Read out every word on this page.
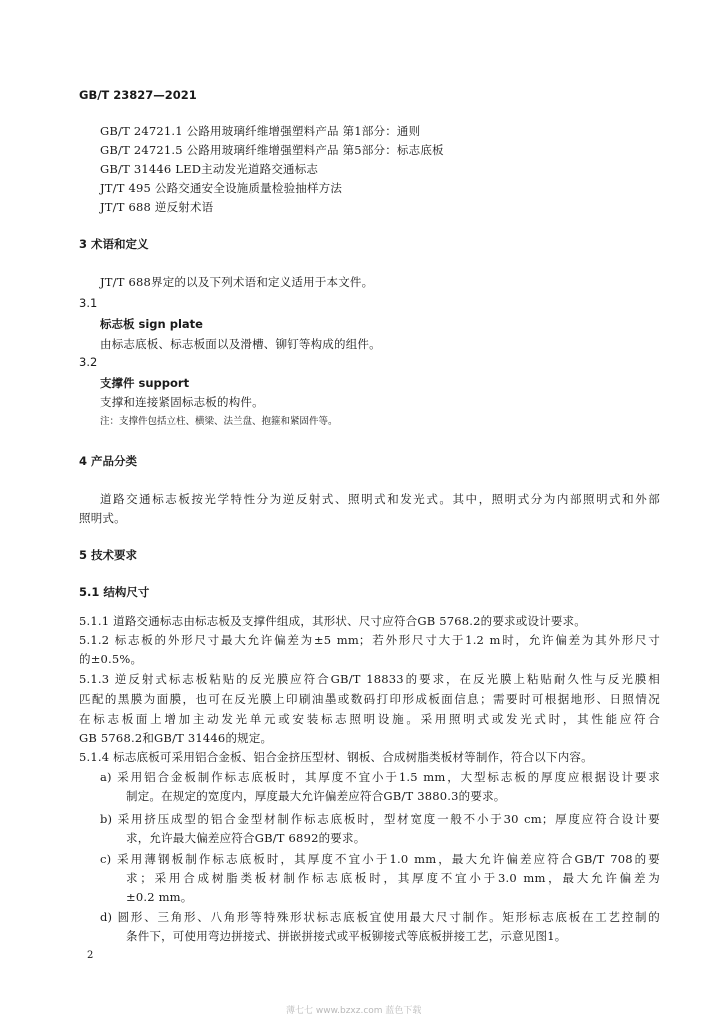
GB/T 23827—2021
GB/T 24721.1 公路用玻璃纤维增强塑料产品 第1部分：通则
GB/T 24721.5 公路用玻璃纤维增强塑料产品 第5部分：标志底板
GB/T 31446 LED主动发光道路交通标志
JT/T 495 公路交通安全设施质量检验抽样方法
JT/T 688 逆反射术语
3 术语和定义
JT/T 688界定的以及下列术语和定义适用于本文件。
3.1
标志板 sign plate
由标志底板、标志板面以及滑槽、铆钉等构成的组件。
3.2
支撑件 support
支撑和连接紧固标志板的构件。
注：支撑件包括立柱、横梁、法兰盘、抱箍和紧固件等。
4 产品分类
道路交通标志板按光学特性分为逆反射式、照明式和发光式。其中，照明式分为内部照明式和外部
照明式。
5 技术要求
5.1 结构尺寸
5.1.1 道路交通标志由标志板及支撑件组成，其形状、尺寸应符合GB 5768.2的要求或设计要求。
5.1.2 标志板的外形尺寸最大允许偏差为±5 mm；若外形尺寸大于1.2 m时，允许偏差为其外形尺寸
的±0.5%。
5.1.3 逆反射式标志板粘贴的反光膜应符合GB/T 18833的要求，在反光膜上粘贴耐久性与反光膜相
匹配的黑膜为面膜，也可在反光膜上印刷油墨或数码打印形成板面信息；需要时可根据地形、日照情况
在标志板面上增加主动发光单元或安装标志照明设施。采用照明式或发光式时，其性能应符合
GB 5768.2和GB/T 31446的规定。
5.1.4 标志底板可采用铝合金板、铝合金挤压型材、钢板、合成树脂类板材等制作，符合以下内容。
a) 采用铝合金板制作标志底板时，其厚度不宜小于1.5 mm，大型标志板的厚度应根据设计要求
制定。在规定的宽度内，厚度最大允许偏差应符合GB/T 3880.3的要求。
b) 采用挤压成型的铝合金型材制作标志底板时，型材宽度一般不小于30 cm；厚度应符合设计要
求，允许最大偏差应符合GB/T 6892的要求。
c) 采用薄钢板制作标志底板时，其厚度不宜小于1.0 mm，最大允许偏差应符合GB/T 708的要
求；采用合成树脂类板材制作标志底板时，其厚度不宜小于3.0 mm，最大允许偏差为
±0.2 mm。
d) 圆形、三角形、八角形等特殊形状标志底板宜使用最大尺寸制作。矩形标志底板在工艺控制的
条件下，可使用弯边拼接式、拼嵌拼接式或平板铆接式等底板拼接工艺，示意见图1。
2
薄七七 www.bzxz.com 蓝色下载
